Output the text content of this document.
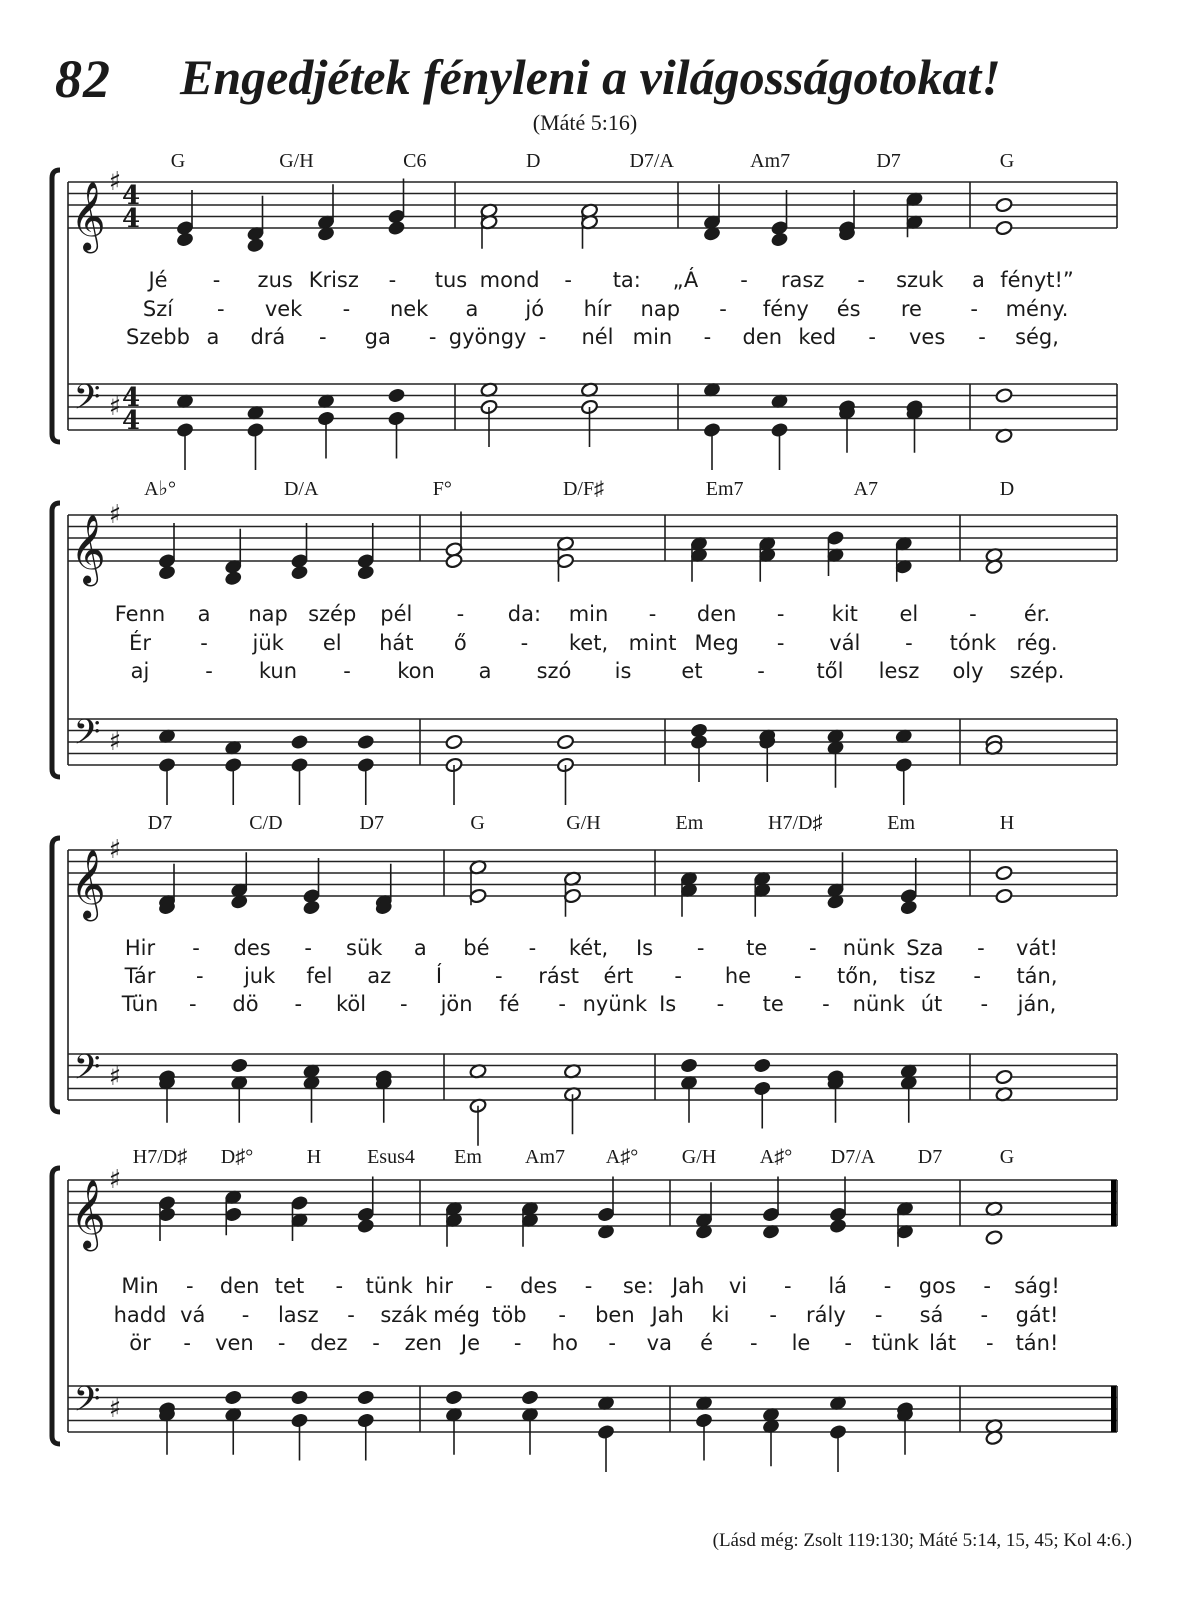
82 Engedjétek fényleni a világosságotokat!
(Máté 5:16)
𝄞
𝄢
♯
♯
4
4
4
4
G	G/H	C6	D	D7/A	Am7	D7	G
Jé - zus Krisz - tus mond - ta: „Á - rasz - szuk a fényt!”
Szí - vek - nek a jó hír nap - fény és re - mény.
Szebb a drá - ga - gyöngy - nél min - den ked - ves - ség,
𝄞
𝄢
♯
♯
A♭°	D/A	F°	D/F♯	Em7	A7	D
Fenn a nap szép pél - da: min - den - kit el - ér.
Ér - jük el hát ő	- ket, mint Meg - vál - tónk rég.
aj	- kun - kon a szó is et	- től lesz oly szép.
𝄞
𝄢
♯
♯
D7	C/D	D7	G	G/H	Em	H7/D♯	Em	H
Hir - des - sük a bé - két, Is - te - nünk Sza - vát!
Tár - juk fel az Í	- rást ért - he - tőn, tisz - tán,
Tün - dö - köl - jön fé - nyünk Is - te - nünk út - ján,
𝄞
𝄢
♯
♯
H7/D♯ D♯°	H Esus4 Em Am7 A♯° G/H A♯° D7/A D7	G
Min - den tet - tünk hir - des - se: Jah vi - lá - gos - ság!
hadd vá - lasz - szák még töb - ben Jah ki - rály - sá - gát!
ör - ven - dez - zen Je - ho - va é - le - tünk lát - tán!
(Lásd még: Zsolt 119:130; Máté 5:14, 15, 45; Kol 4:6.)
